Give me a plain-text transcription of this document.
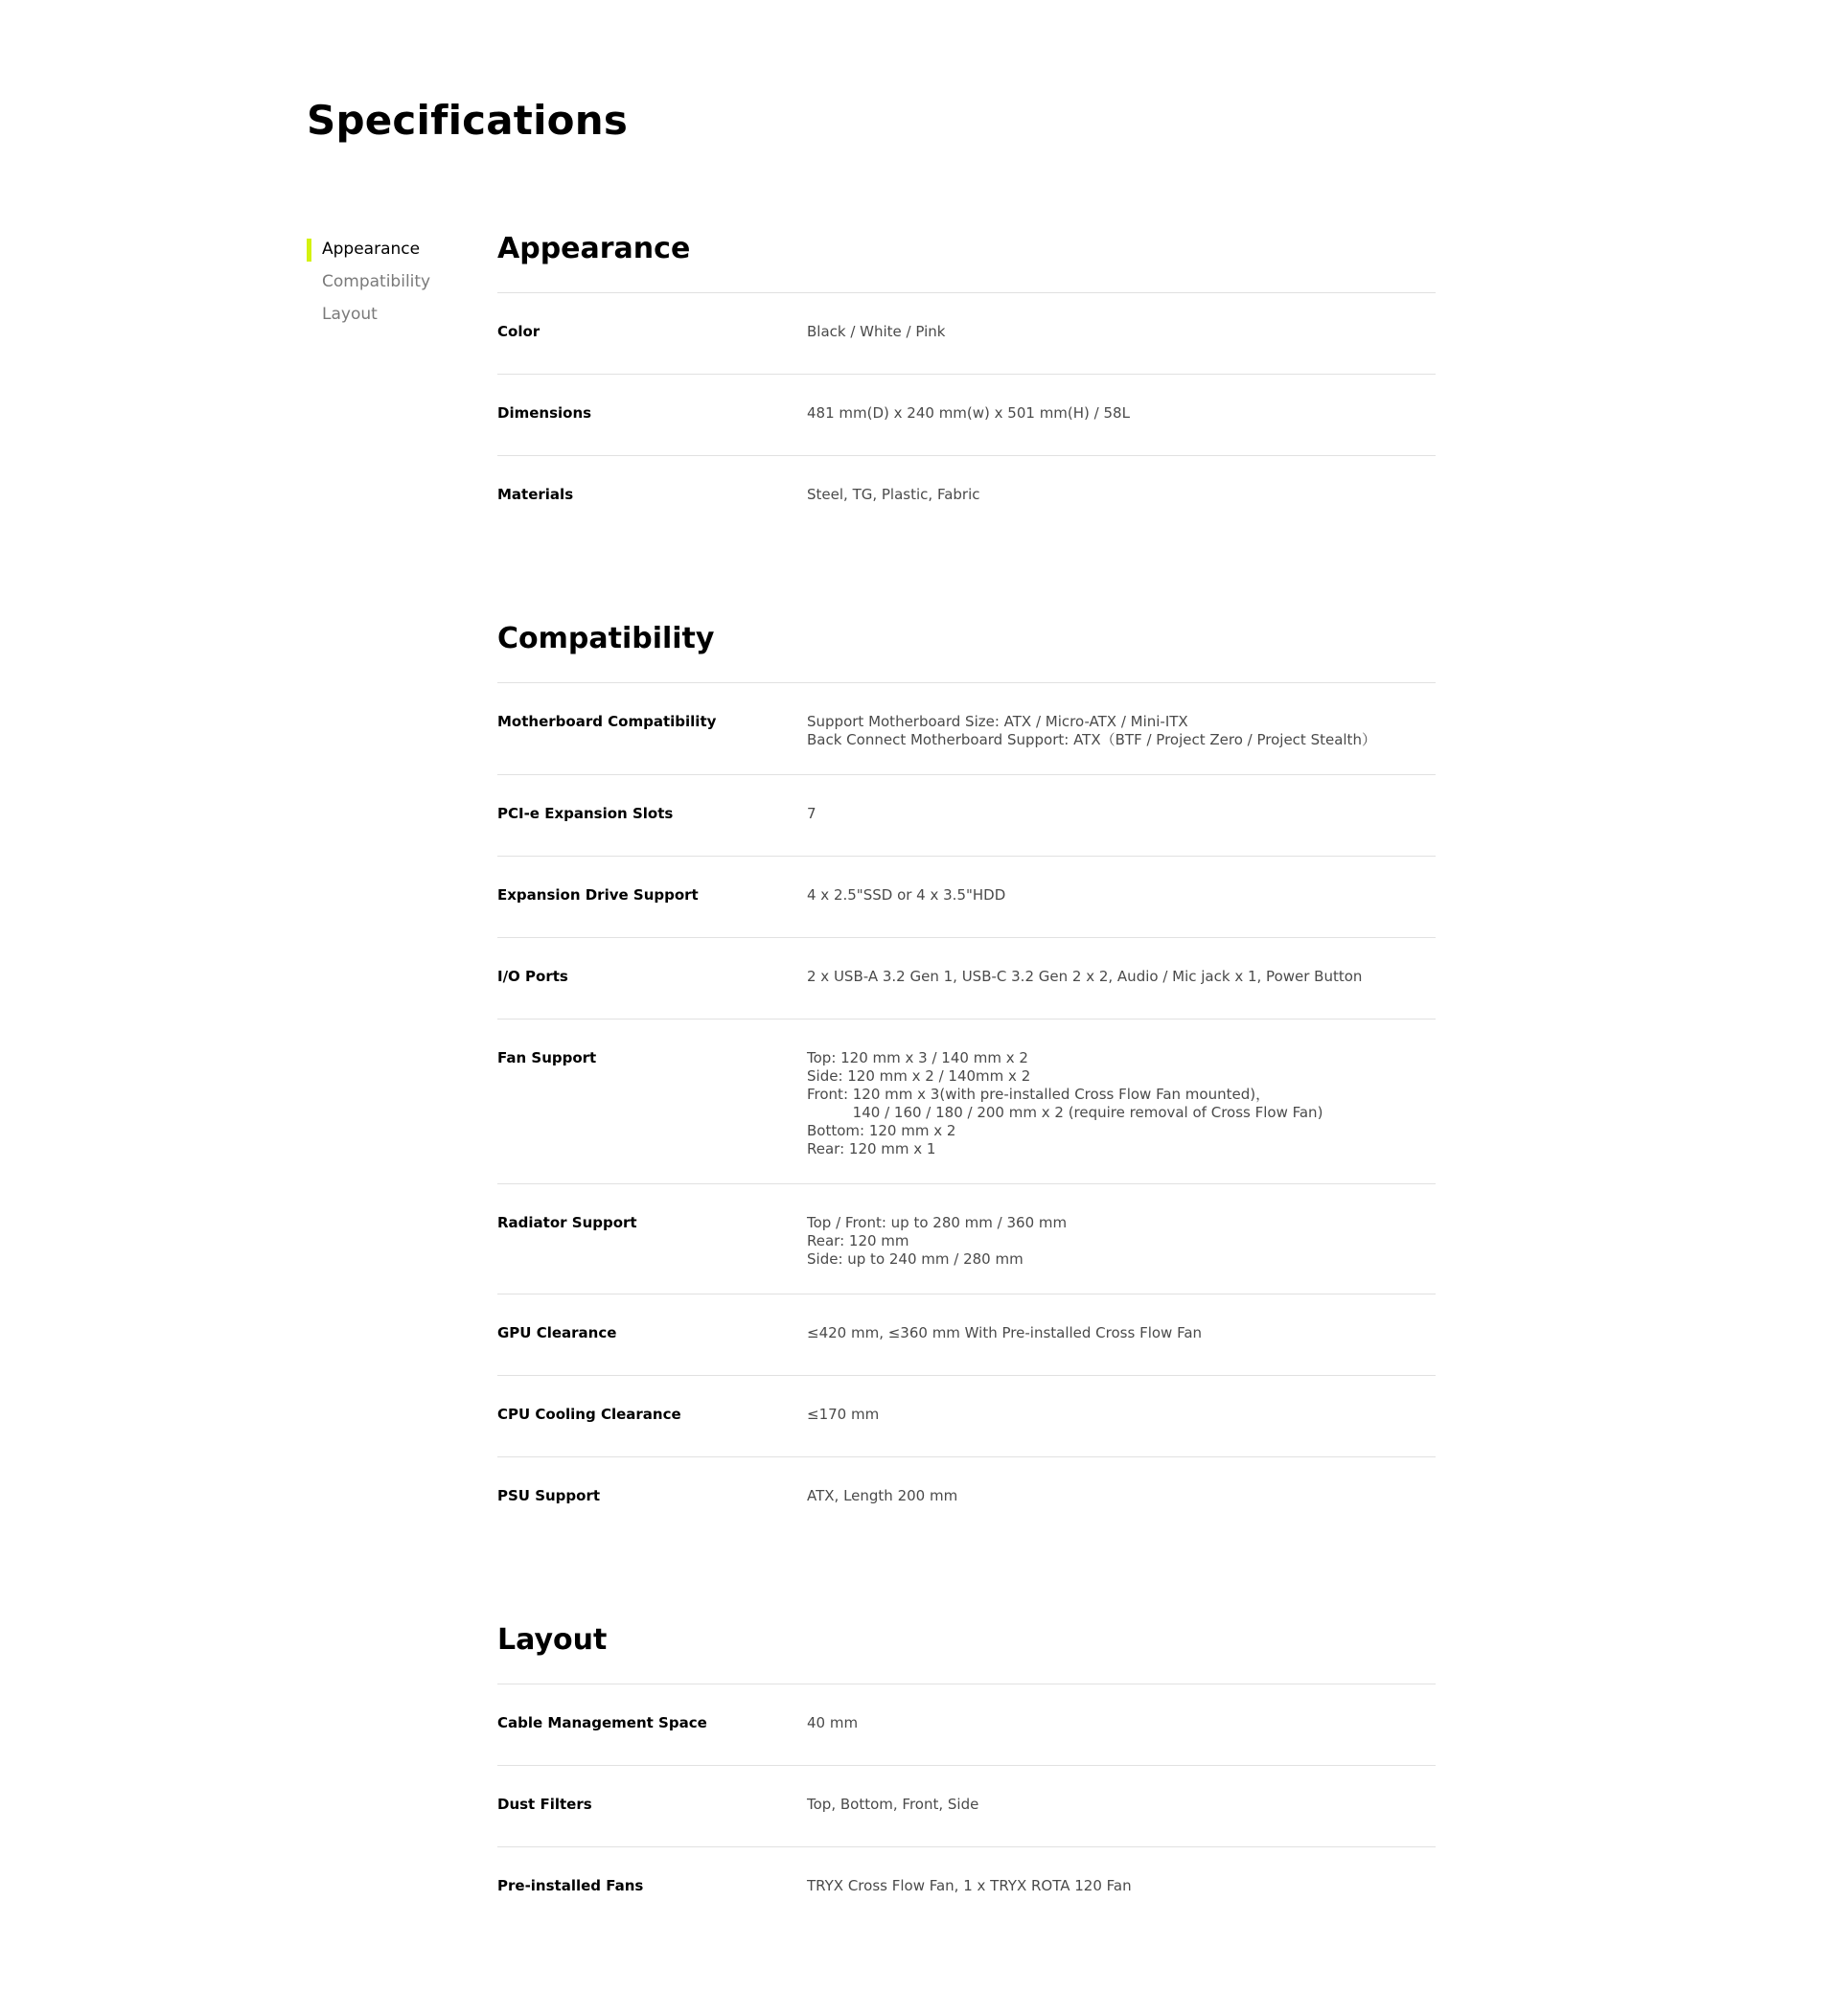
Specifications
Appearance
Compatibility
Layout
Appearance
Color	Black / White / Pink
Dimensions	481 mm(D) x 240 mm(w) x 501 mm(H) / 58L
Materials	Steel, TG, Plastic, Fabric
Compatibility
Motherboard Compatibility	Support Motherboard Size: ATX / Micro-ATX / Mini-ITX
Back Connect Motherboard Support: ATX（BTF / Project Zero / Project Stealth）
PCI-e Expansion Slots	7
Expansion Drive Support	4 x 2.5"SSD or 4 x 3.5"HDD
I/O Ports	2 x USB-A 3.2 Gen 1, USB-C 3.2 Gen 2 x 2, Audio / Mic jack x 1, Power Button
Fan Support	Top: 120 mm x 3 / 140 mm x 2
Side: 120 mm x 2 / 140mm x 2
Front: 120 mm x 3(with pre-installed Cross Flow Fan mounted)，
140 / 160 / 180 / 200 mm x 2 (require removal of Cross Flow Fan)
Bottom: 120 mm x 2
Rear: 120 mm x 1
Radiator Support	Top / Front: up to 280 mm / 360 mm
Rear: 120 mm
Side: up to 240 mm / 280 mm
GPU Clearance	≤420 mm, ≤360 mm With Pre-installed Cross Flow Fan
CPU Cooling Clearance	≤170 mm
PSU Support	ATX, Length 200 mm
Layout
Cable Management Space	40 mm
Dust Filters	Top, Bottom, Front, Side
Pre-installed Fans	TRYX Cross Flow Fan, 1 x TRYX ROTA 120 Fan
